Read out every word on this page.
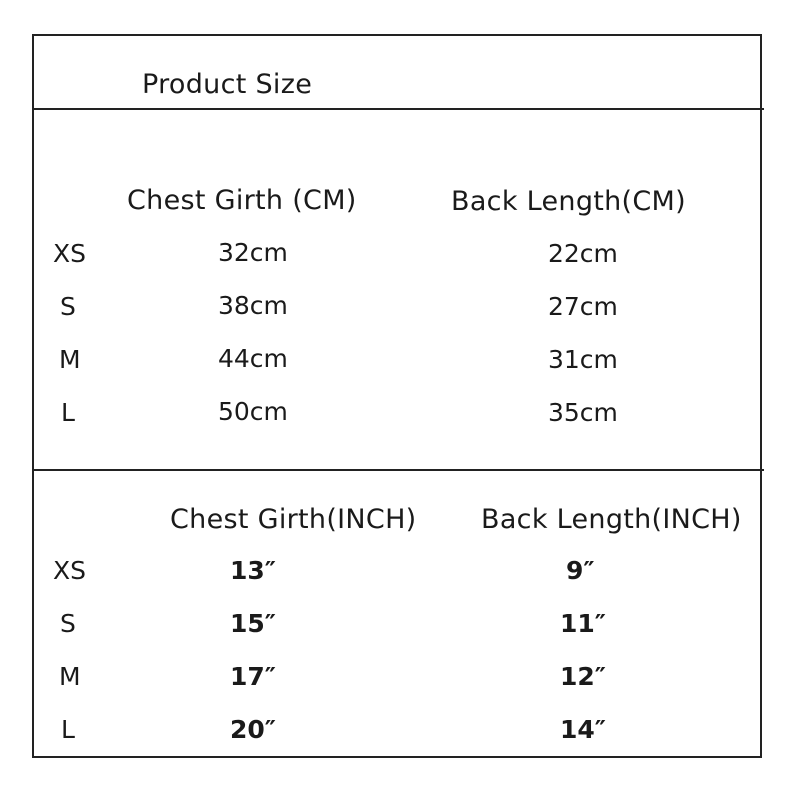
Product Size
Chest Girth (CM)	Back Length(CM)
XS	32cm	22cm
S	38cm	27cm
M	44cm	31cm
L	50cm	35cm
Chest Girth(INCH) Back Length(INCH)
XS	13″	9″
S	15″	11″
M	17″	12″
L	20″	14″
